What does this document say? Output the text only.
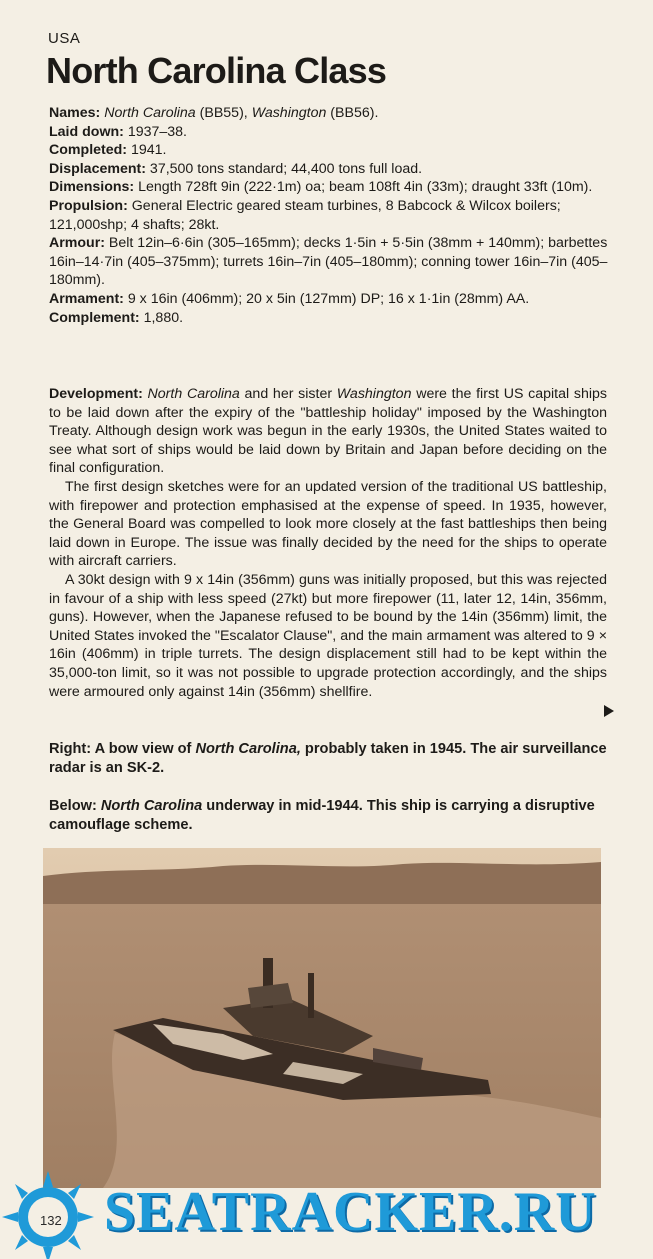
USA
North Carolina Class

Names: North Carolina (BB55), Washington (BB56).

Laid down: 1937–38.

Completed: 1941.

Displacement: 37,500 tons standard; 44,400 tons full load.

Dimensions: Length 728ft 9in (222·1m) oa; beam 108ft 4in (33m); draught 33ft (10m).

Propulsion: General Electric geared steam turbines, 8 Babcock & Wilcox boilers; 121,000shp; 4 shafts; 28kt.

Armour: Belt 12in–6·6in (305–165mm); decks 1·5in + 5·5in (38mm + 140mm); barbettes 16in–14·7in (405–375mm); turrets 16in–7in (405–180mm); conning tower 16in–7in (405–180mm).

Armament: 9 x 16in (406mm); 20 x 5in (127mm) DP; 16 x 1·1in (28mm) AA.

Complement: 1,880.

Development: North Carolina and her sister Washington were the first US capital ships to be laid down after the expiry of the "battleship holiday" imposed by the Washington Treaty. Although design work was begun in the early 1930s, the United States waited to see what sort of ships would be laid down by Britain and Japan before deciding on the final configuration.

The first design sketches were for an updated version of the traditional US battleship, with firepower and protection emphasised at the expense of speed. In 1935, however, the General Board was compelled to look more closely at the fast battleships then being laid down in Europe. The issue was finally decided by the need for the ships to operate with aircraft carriers.

A 30kt design with 9 x 14in (356mm) guns was initially proposed, but this was rejected in favour of a ship with less speed (27kt) but more firepower (11, later 12, 14in, 356mm, guns). However, when the Japanese refused to be bound by the 14in (356mm) limit, the United States invoked the "Escalator Clause", and the main armament was altered to 9 × 16in (406mm) in triple turrets. The design displacement still had to be kept within the 35,000-ton limit, so it was not possible to upgrade protection accordingly, and the ships were armoured only against 14in (356mm) shellfire.

Right: A bow view of North Carolina, probably taken in 1945. The air surveillance radar is an SK-2.
Below: North Carolina underway in mid-1944. This ship is carrying a disruptive camouflage scheme.
132 SEATRACKER.RU
